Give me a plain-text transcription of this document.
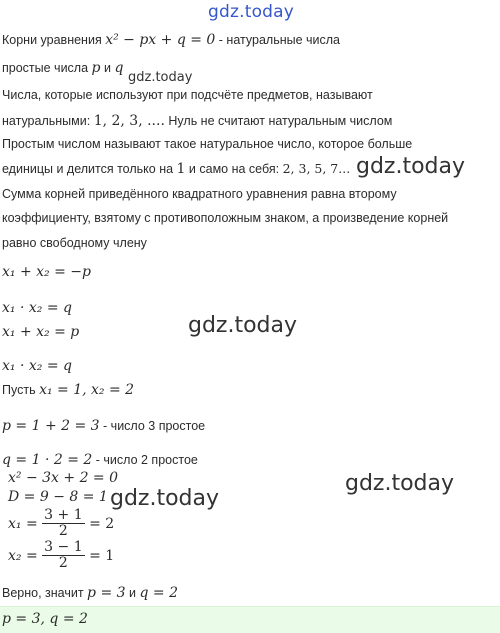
gdz.today
gdz.today
gdz.today
gdz.today
gdz.today
gdz.today
Корни уравнения x² − px + q = 0 - натуральные числа
простые числа p и q
Числа, которые используют при подсчёте предметов, называют
натуральными: 1, 2, 3, .... Нуль не считают натуральным числом
Простым числом называют такое натуральное число, которое больше
единицы и делится только на 1 и само на себя: 2, 3, 5, 7...
Сумма корней приведённого квадратного уравнения равна второму
коэффициенту, взятому с противоположным знаком, а произведение корней
равно свободному члену
x₁ + x₂ = −p
x₁ · x₂ = q
x₁ + x₂ = p
x₁ · x₂ = q
Пусть x₁ = 1, x₂ = 2
p = 1 + 2 = 3 - число 3 простое
q = 1 · 2 = 2 - число 2 простое
x² − 3x + 2 = 0
D = 9 − 8 = 1
$x_1 = \frac{3 + 1}{2} = 2$
$x_2 = \frac{3 - 1}{2} = 1$
Верно, значит p = 3 и q = 2
p = 3, q = 2
